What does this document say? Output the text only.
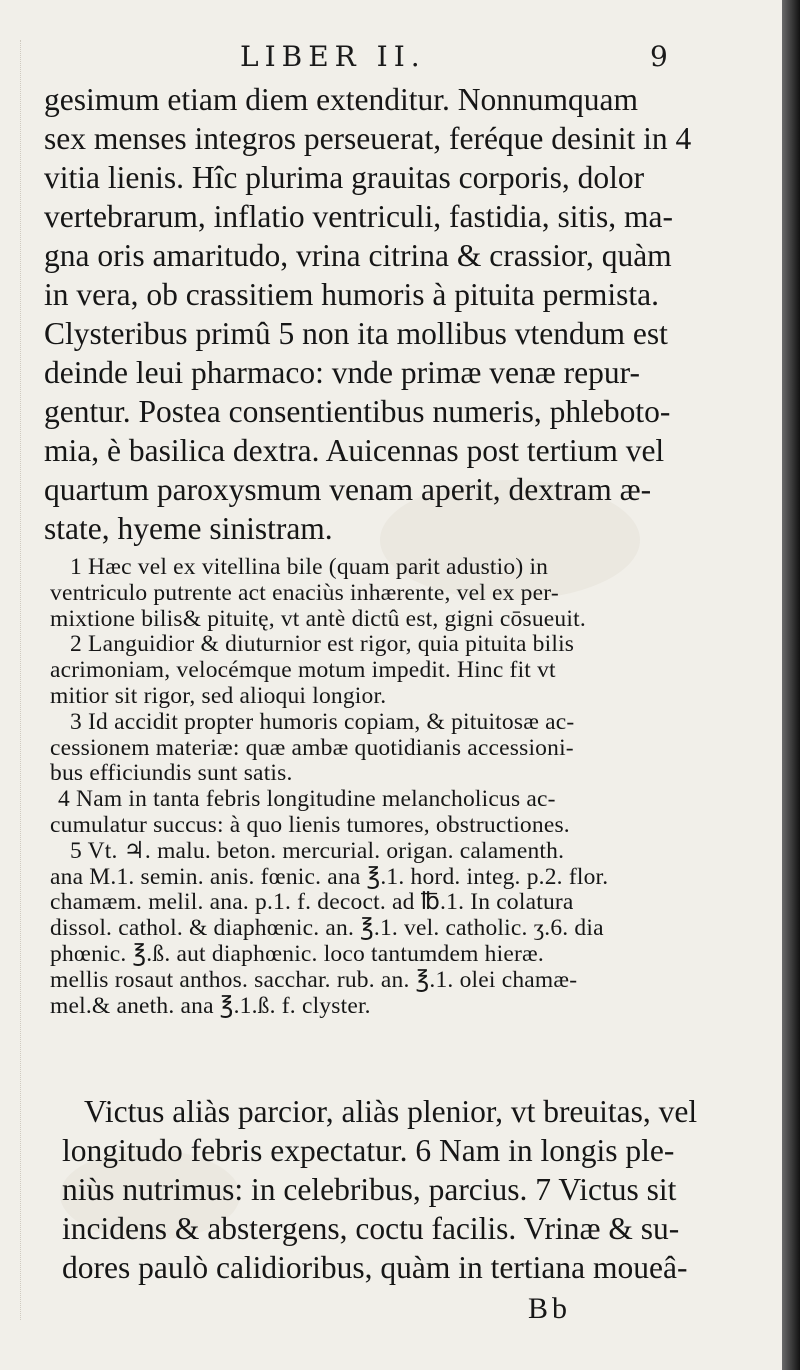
LIBER II.	9
gesimum etiam diem extenditur. Nonnumquam
sex menses integros perseuerat, feréque desinit in 4
vitia lienis. Hîc plurima grauitas corporis, dolor
vertebrarum, inflatio ventriculi, fastidia, sitis, ma-
gna oris amaritudo, vrina citrina & crassior, quàm
in vera, ob crassitiem humoris à pituita permista.
Clysteribus primû 5 non ita mollibus vtendum est
deinde leui pharmaco: vnde primæ venæ repur-
gentur. Postea consentientibus numeris, phleboto-
mia, è basilica dextra. Auicennas post tertium vel
quartum paroxysmum venam aperit, dextram æ-
state, hyeme sinistram.
1 Hæc vel ex vitellina bile (quam parit adustio) in
ventriculo putrente act enaciùs inhærente, vel ex per-
mixtione bilis& pituitę, vt antè dictû est, gigni cōsueuit.
2 Languidior & diuturnior est rigor, quia pituita bilis
acrimoniam, velocémque motum impedit. Hinc fit vt
mitior sit rigor, sed alioqui longior.
3 Id accidit propter humoris copiam, & pituitosæ ac-
cessionem materiæ: quæ ambæ quotidianis accessioni-
bus efficiundis sunt satis.
4 Nam in tanta febris longitudine melancholicus ac-
cumulatur succus: à quo lienis tumores, obstructiones.
5 Vt. ♃. malu. beton. mercurial. origan. calamenth.
ana M.1. semin. anis. fœnic. ana ℥.1. hord. integ. p.2. flor.
chamæm. melil. ana. p.1. f. decoct. ad ℔.1. In colatura
dissol. cathol. & diaphœnic. an. ℥.1. vel. catholic. ʒ.6. dia
phœnic. ℥.ß. aut diaphœnic. loco tantumdem hieræ.
mellis rosaut anthos. sacchar. rub. an. ℥.1. olei chamæ-
mel.& aneth. ana ℥.1.ß. f. clyster.
Victus aliàs parcior, aliàs plenior, vt breuitas, vel
longitudo febris expectatur. 6 Nam in longis ple-
niùs nutrimus: in celebribus, parcius. 7 Victus sit
incidens & abstergens, coctu facilis. Vrinæ & su-
dores paulò calidioribus, quàm in tertiana moueâ-
Bb
